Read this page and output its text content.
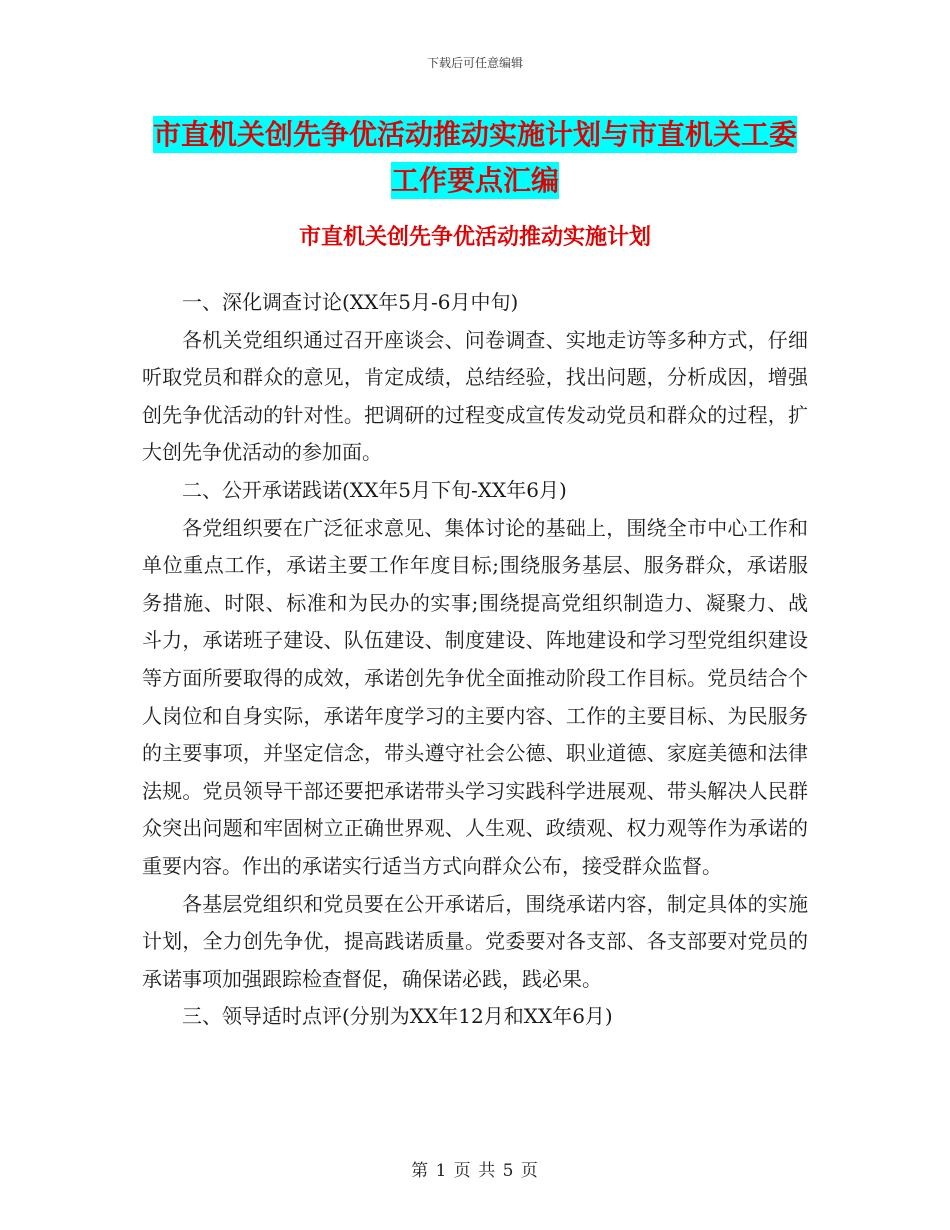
下载后可任意编辑
市直机关创先争优活动推动实施计划与市直机关工委
工作要点汇编
市直机关创先争优活动推动实施计划

一、深化调查讨论(XX年5月-6月中旬)

各机关党组织通过召开座谈会、问卷调查、实地走访等多种方式，仔细听取党员和群众的意见，肯定成绩，总结经验，找出问题，分析成因，增强创先争优活动的针对性。把调研的过程变成宣传发动党员和群众的过程，扩大创先争优活动的参加面。

二、公开承诺践诺(XX年5月下旬-XX年6月)

各党组织要在广泛征求意见、集体讨论的基础上，围绕全市中心工作和单位重点工作，承诺主要工作年度目标;围绕服务基层、服务群众，承诺服务措施、时限、标准和为民办的实事;围绕提高党组织制造力、凝聚力、战斗力，承诺班子建设、队伍建设、制度建设、阵地建设和学习型党组织建设等方面所要取得的成效，承诺创先争优全面推动阶段工作目标。党员结合个人岗位和自身实际，承诺年度学习的主要内容、工作的主要目标、为民服务的主要事项，并坚定信念，带头遵守社会公德、职业道德、家庭美德和法律法规。党员领导干部还要把承诺带头学习实践科学进展观、带头解决人民群众突出问题和牢固树立正确世界观、人生观、政绩观、权力观等作为承诺的重要内容。作出的承诺实行适当方式向群众公布，接受群众监督。

各基层党组织和党员要在公开承诺后，围绕承诺内容，制定具体的实施计划，全力创先争优，提高践诺质量。党委要对各支部、各支部要对党员的承诺事项加强跟踪检查督促，确保诺必践，践必果。

三、领导适时点评(分别为XX年12月和XX年6月)

第 1 页 共 5 页
